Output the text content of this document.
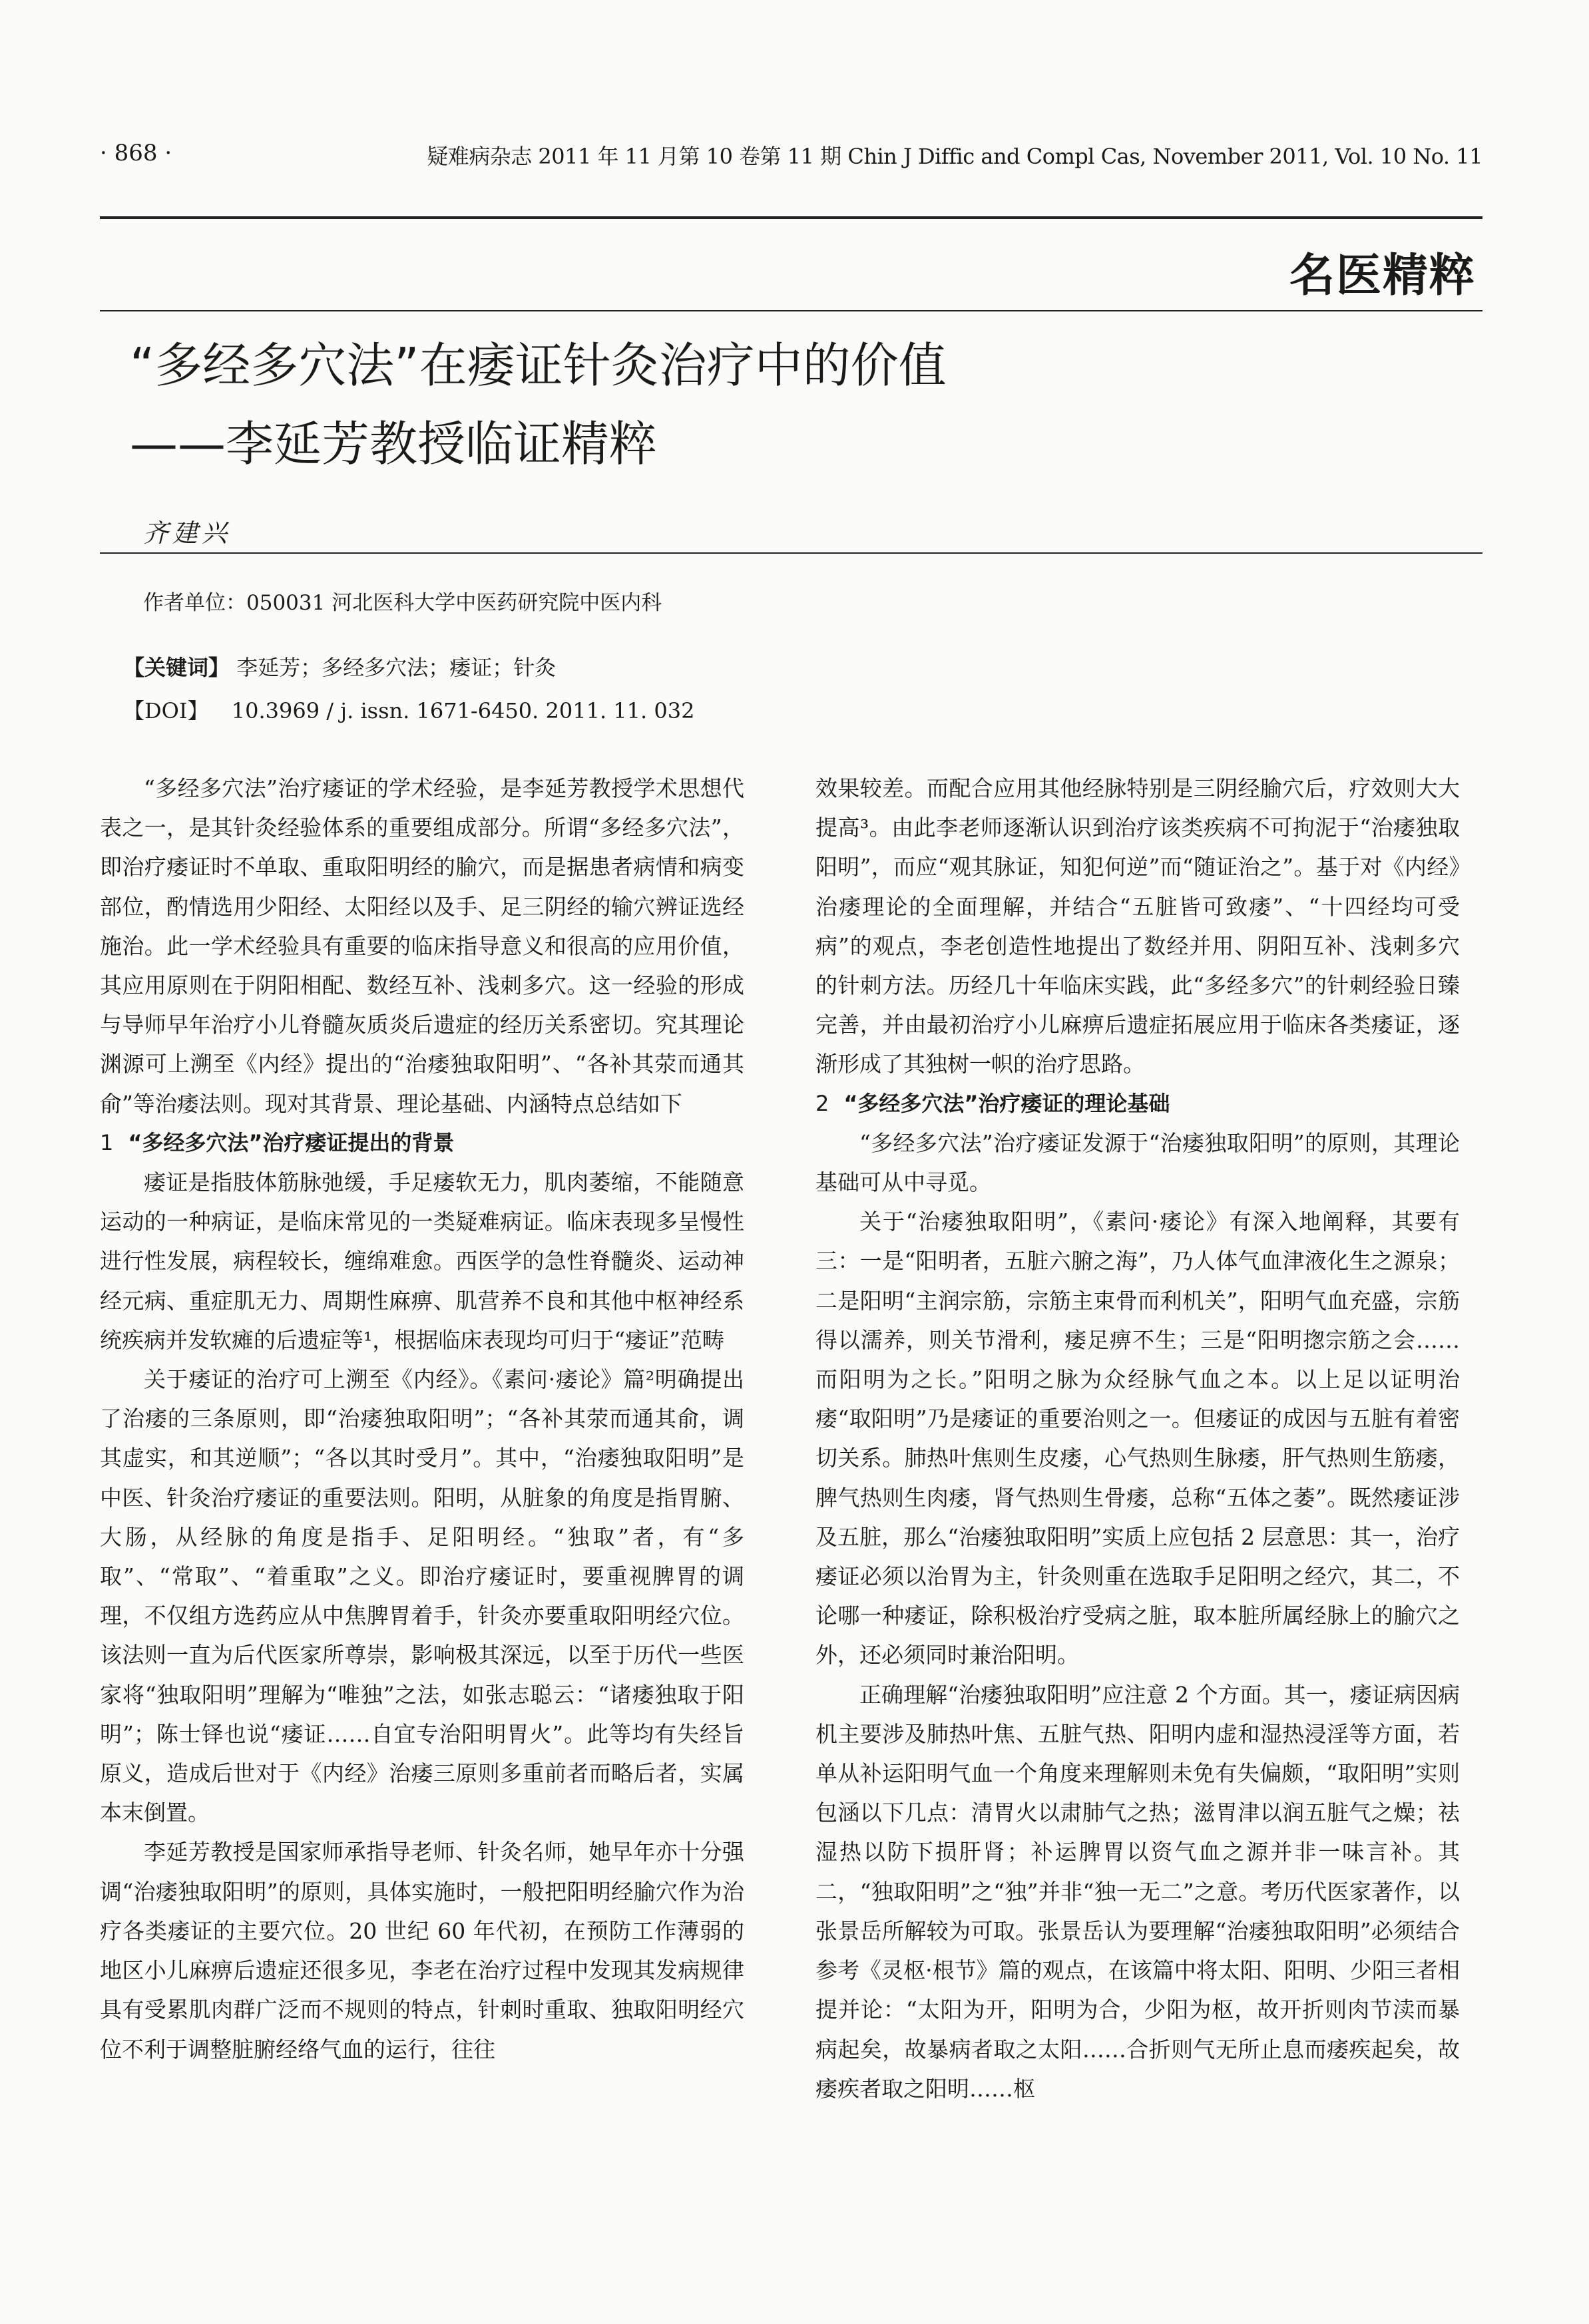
· 868 ·	疑难病杂志 2011 年 11 月第 10 卷第 11 期 Chin J Diffic and Compl Cas, November 2011, Vol. 10 No. 11
名医精粹
“多经多穴法”在痿证针灸治疗中的价值
——李延芳教授临证精粹
齐建兴
作者单位：050031 河北医科大学中医药研究院中医内科
【关键词】 李延芳；多经多穴法；痿证；针灸
【DOI】 10.3969 / j. issn. 1671-6450. 2011. 11. 032

“多经多穴法”治疗痿证的学术经验，是李延芳教授学术思想代表之一，是其针灸经验体系的重要组成部分。所谓“多经多穴法”，即治疗痿证时不单取、重取阳明经的腧穴，而是据患者病情和病变部位，酌情选用少阳经、太阳经以及手、足三阴经的输穴辨证选经施治。此一学术经验具有重要的临床指导意义和很高的应用价值，其应用原则在于阴阳相配、数经互补、浅刺多穴。这一经验的形成与导师早年治疗小儿脊髓灰质炎后遗症的经历关系密切。究其理论渊源可上溯至《内经》提出的“治痿独取阳明”、“各补其荥而通其俞”等治痿法则。现对其背景、理论基础、内涵特点总结如下

1 “多经多穴法”治疗痿证提出的背景

痿证是指肢体筋脉弛缓，手足痿软无力，肌肉萎缩，不能随意运动的一种病证，是临床常见的一类疑难病证。临床表现多呈慢性进行性发展，病程较长，缠绵难愈。西医学的急性脊髓炎、运动神经元病、重症肌无力、周期性麻痹、肌营养不良和其他中枢神经系统疾病并发软瘫的后遗症等¹，根据临床表现均可归于“痿证”范畴

关于痿证的治疗可上溯至《内经》。《素问·痿论》篇²明确提出了治痿的三条原则，即“治痿独取阳明”；“各补其荥而通其俞，调其虚实，和其逆顺”；“各以其时受月”。其中，“治痿独取阳明”是中医、针灸治疗痿证的重要法则。阳明，从脏象的角度是指胃腑、大肠，从经脉的角度是指手、足阳明经。“独取”者，有“多取”、“常取”、“着重取”之义。即治疗痿证时，要重视脾胃的调理，不仅组方选药应从中焦脾胃着手，针灸亦要重取阳明经穴位。该法则一直为后代医家所尊崇，影响极其深远，以至于历代一些医家将“独取阳明”理解为“唯独”之法，如张志聪云：“诸痿独取于阳明”；陈士铎也说“痿证……自宜专治阳明胃火”。此等均有失经旨原义，造成后世对于《内经》治痿三原则多重前者而略后者，实属本末倒置。

李延芳教授是国家师承指导老师、针灸名师，她早年亦十分强调“治痿独取阳明”的原则，具体实施时，一般把阳明经腧穴作为治疗各类痿证的主要穴位。20 世纪 60 年代初，在预防工作薄弱的地区小儿麻痹后遗症还很多见，李老在治疗过程中发现其发病规律具有受累肌肉群广泛而不规则的特点，针刺时重取、独取阳明经穴位不利于调整脏腑经络气血的运行，往往

效果较差。而配合应用其他经脉特别是三阴经腧穴后，疗效则大大提高³。由此李老师逐渐认识到治疗该类疾病不可拘泥于“治痿独取阳明”，而应“观其脉证，知犯何逆”而“随证治之”。基于对《内经》治痿理论的全面理解，并结合“五脏皆可致痿”、“十四经均可受病”的观点，李老创造性地提出了数经并用、阴阳互补、浅刺多穴的针刺方法。历经几十年临床实践，此“多经多穴”的针刺经验日臻完善，并由最初治疗小儿麻痹后遗症拓展应用于临床各类痿证，逐渐形成了其独树一帜的治疗思路。

2 “多经多穴法”治疗痿证的理论基础

“多经多穴法”治疗痿证发源于“治痿独取阳明”的原则，其理论基础可从中寻觅。

关于“治痿独取阳明”，《素问·痿论》有深入地阐释，其要有三：一是“阳明者，五脏六腑之海”，乃人体气血津液化生之源泉；二是阳明“主润宗筋，宗筋主束骨而利机关”，阳明气血充盛，宗筋得以濡养，则关节滑利，痿足痹不生；三是“阳明揔宗筋之会……而阳明为之长。”阳明之脉为众经脉气血之本。以上足以证明治痿“取阳明”乃是痿证的重要治则之一。但痿证的成因与五脏有着密切关系。肺热叶焦则生皮痿，心气热则生脉痿，肝气热则生筋痿，脾气热则生肉痿，肾气热则生骨痿，总称“五体之萎”。既然痿证涉及五脏，那么“治痿独取阳明”实质上应包括 2 层意思：其一，治疗痿证必须以治胃为主，针灸则重在选取手足阳明之经穴，其二，不论哪一种痿证，除积极治疗受病之脏，取本脏所属经脉上的腧穴之外，还必须同时兼治阳明。

正确理解“治痿独取阳明”应注意 2 个方面。其一，痿证病因病机主要涉及肺热叶焦、五脏气热、阳明内虚和湿热浸淫等方面，若单从补运阳明气血一个角度来理解则未免有失偏颇，“取阳明”实则包涵以下几点：清胃火以肃肺气之热；滋胃津以润五脏气之燥；祛湿热以防下损肝肾；补运脾胃以资气血之源并非一味言补。其二，“独取阳明”之“独”并非“独一无二”之意。考历代医家著作，以张景岳所解较为可取。张景岳认为要理解“治痿独取阳明”必须结合参考《灵枢·根节》篇的观点，在该篇中将太阳、阳明、少阳三者相提并论：“太阳为开，阳明为合，少阳为枢，故开折则肉节渎而暴病起矣，故暴病者取之太阳……合折则气无所止息而痿疾起矣，故痿疾者取之阳明……枢
